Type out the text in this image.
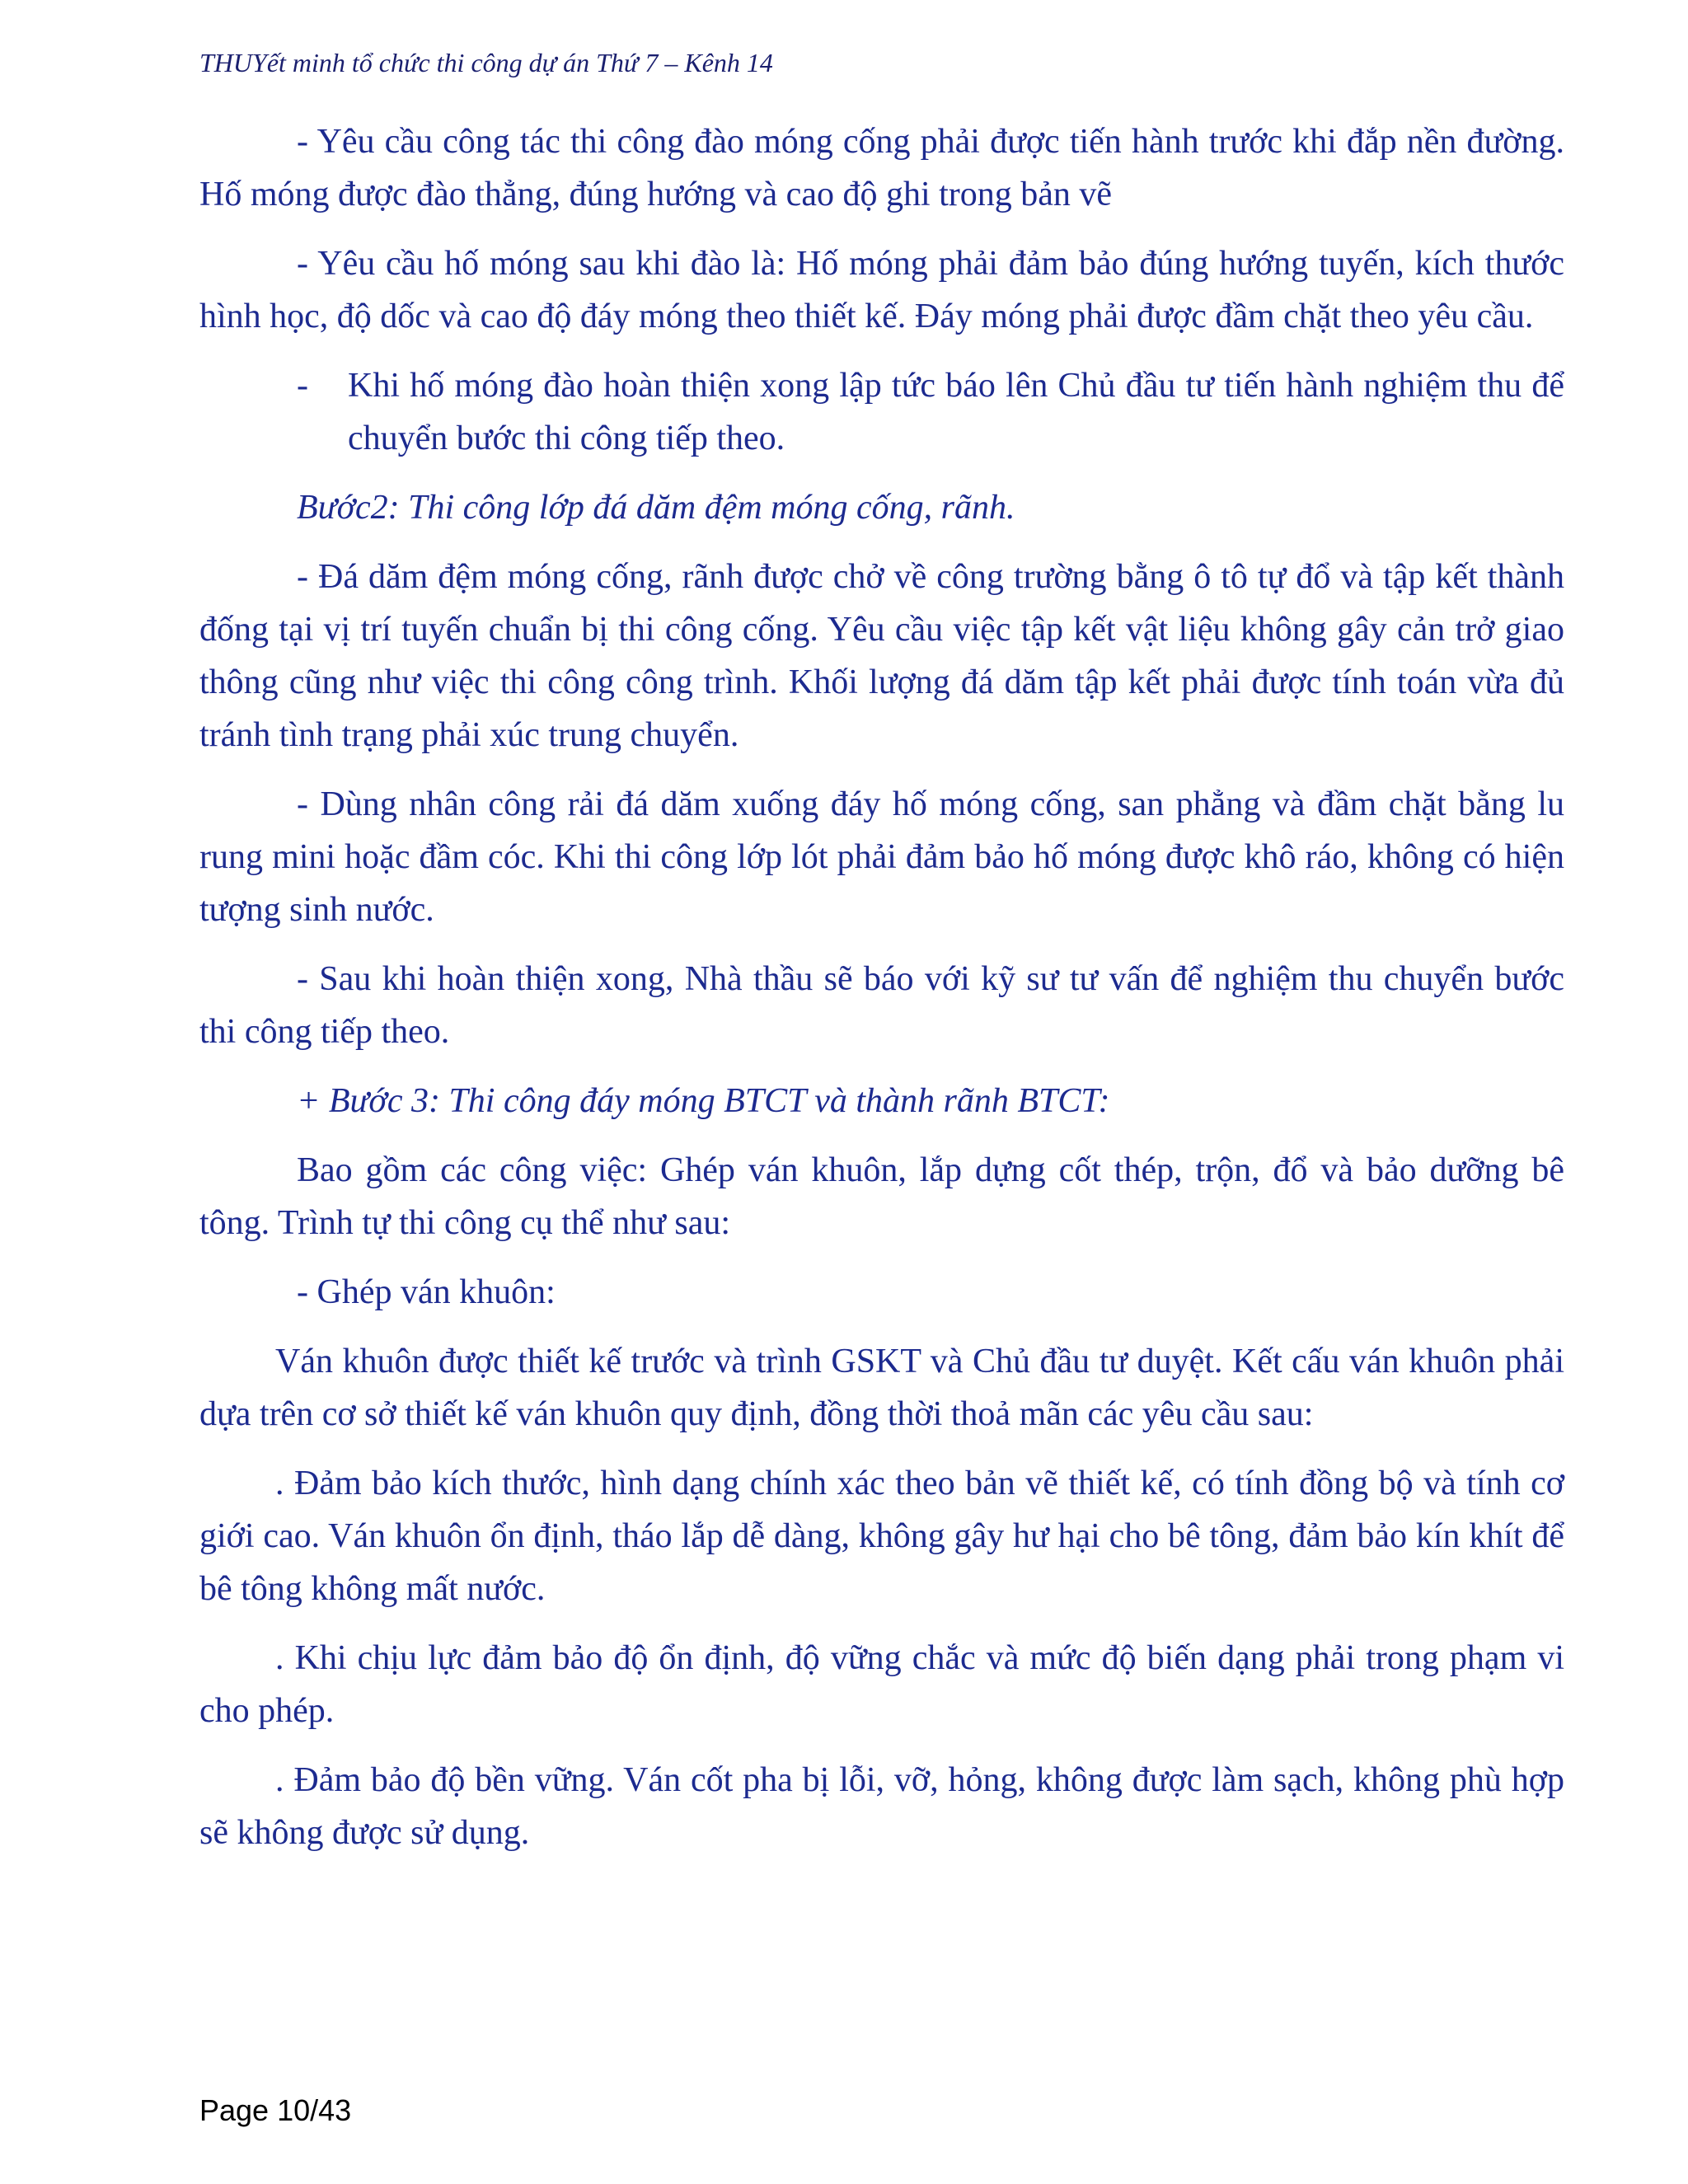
THUYết minh tổ chức thi công dự án Thứ 7 – Kênh 14

- Yêu cầu công tác thi công đào móng cống phải được tiến hành trước khi đắp nền đường. Hố móng được đào thẳng, đúng hướng và cao độ ghi trong bản vẽ

- Yêu cầu hố móng sau khi đào là: Hố móng phải đảm bảo đúng hướng tuyến, kích thước hình học, độ dốc và cao độ đáy móng theo thiết kế. Đáy móng phải được đầm chặt theo yêu cầu.

-	Khi hố móng đào hoàn thiện xong lập tức báo lên Chủ đầu tư tiến hành nghiệm thu để chuyển bước thi công tiếp theo.

Bước2: Thi công lớp đá dăm đệm móng cống, rãnh.

- Đá dăm đệm móng cống, rãnh được chở về công trường bằng ô tô tự đổ và tập kết thành đống tại vị trí tuyến chuẩn bị thi công cống. Yêu cầu việc tập kết vật liệu không gây cản trở giao thông cũng như việc thi công công trình. Khối lượng đá dăm tập kết phải được tính toán vừa đủ tránh tình trạng phải xúc trung chuyển.

- Dùng nhân công rải đá dăm xuống đáy hố móng cống, san phẳng và đầm chặt bằng lu rung mini hoặc đầm cóc. Khi thi công lớp lót phải đảm bảo hố móng được khô ráo, không có hiện tượng sinh nước.

- Sau khi hoàn thiện xong, Nhà thầu sẽ báo với kỹ sư tư vấn để nghiệm thu chuyển bước thi công tiếp theo.

+ Bước 3: Thi công đáy móng BTCT và thành rãnh BTCT:

Bao gồm các công việc: Ghép ván khuôn, lắp dựng cốt thép, trộn, đổ và bảo dưỡng bê tông. Trình tự thi công cụ thể như sau:

- Ghép ván khuôn:

Ván khuôn được thiết kế trước và trình GSKT và Chủ đầu tư duyệt. Kết cấu ván khuôn phải dựa trên cơ sở thiết kế ván khuôn quy định, đồng thời thoả mãn các yêu cầu sau:

. Đảm bảo kích thước, hình dạng chính xác theo bản vẽ thiết kế, có tính đồng bộ và tính cơ giới cao. Ván khuôn ổn định, tháo lắp dễ dàng, không gây hư hại cho bê tông, đảm bảo kín khít để bê tông không mất nước.

. Khi chịu lực đảm bảo độ ổn định, độ vững chắc và mức độ biến dạng phải trong phạm vi cho phép.

. Đảm bảo độ bền vững. Ván cốt pha bị lỗi, vỡ, hỏng, không được làm sạch, không phù hợp sẽ không được sử dụng.

Page 10/43
